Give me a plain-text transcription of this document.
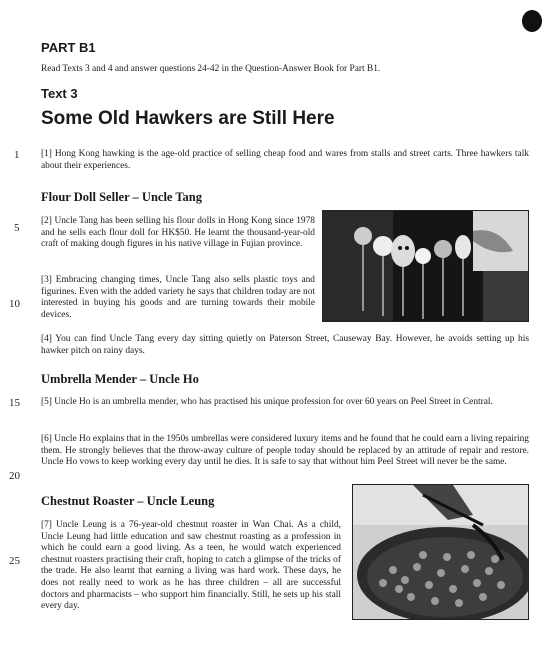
PART B1
Read Texts 3 and 4 and answer questions 24-42 in the Question-Answer Book for Part B1.
Text 3
Some Old Hawkers are Still Here
1
5
10
15
20
25

[1] Hong Kong hawking is the age-old practice of selling cheap food and wares from stalls and street carts. Three hawkers talk about their experiences.

Flour Doll Seller – Uncle Tang

[2] Uncle Tang has been selling his flour dolls in Hong Kong since 1978 and he sells each flour doll for HK$50. He learnt the thousand-year-old craft of making dough figures in his native village in Fujian province.

[3] Embracing changing times, Uncle Tang also sells plastic toys and figurines. Even with the added variety he says that children today are not interested in buying his goods and are turning towards their mobile devices.

[4] You can find Uncle Tang every day sitting quietly on Paterson Street, Causeway Bay. However, he avoids setting up his hawker pitch on rainy days.

Umbrella Mender – Uncle Ho

[5] Uncle Ho is an umbrella mender, who has practised his unique profession for over 60 years on Peel Street in Central.

[6] Uncle Ho explains that in the 1950s umbrellas were considered luxury items and he found that he could earn a living repairing them. He strongly believes that the throw-away culture of people today should be replaced by an attitude of repair and restore. Uncle Ho vows to keep working every day until he dies. It is safe to say that without him Peel Street will never be the same.

Chestnut Roaster – Uncle Leung

[7] Uncle Leung is a 76-year-old chestnut roaster in Wan Chai. As a child, Uncle Leung had little education and saw chestnut roasting as a profession in which he could earn a good living. As a teen, he would watch experienced chestnut roasters practising their craft, hoping to catch a glimpse of the tricks of the trade. He also learnt that earning a living was hard work. These days, he does not really need to work as he has three children – all are successful doctors and pharmacists – who support him financially. Still, he sets up his stall every day.
